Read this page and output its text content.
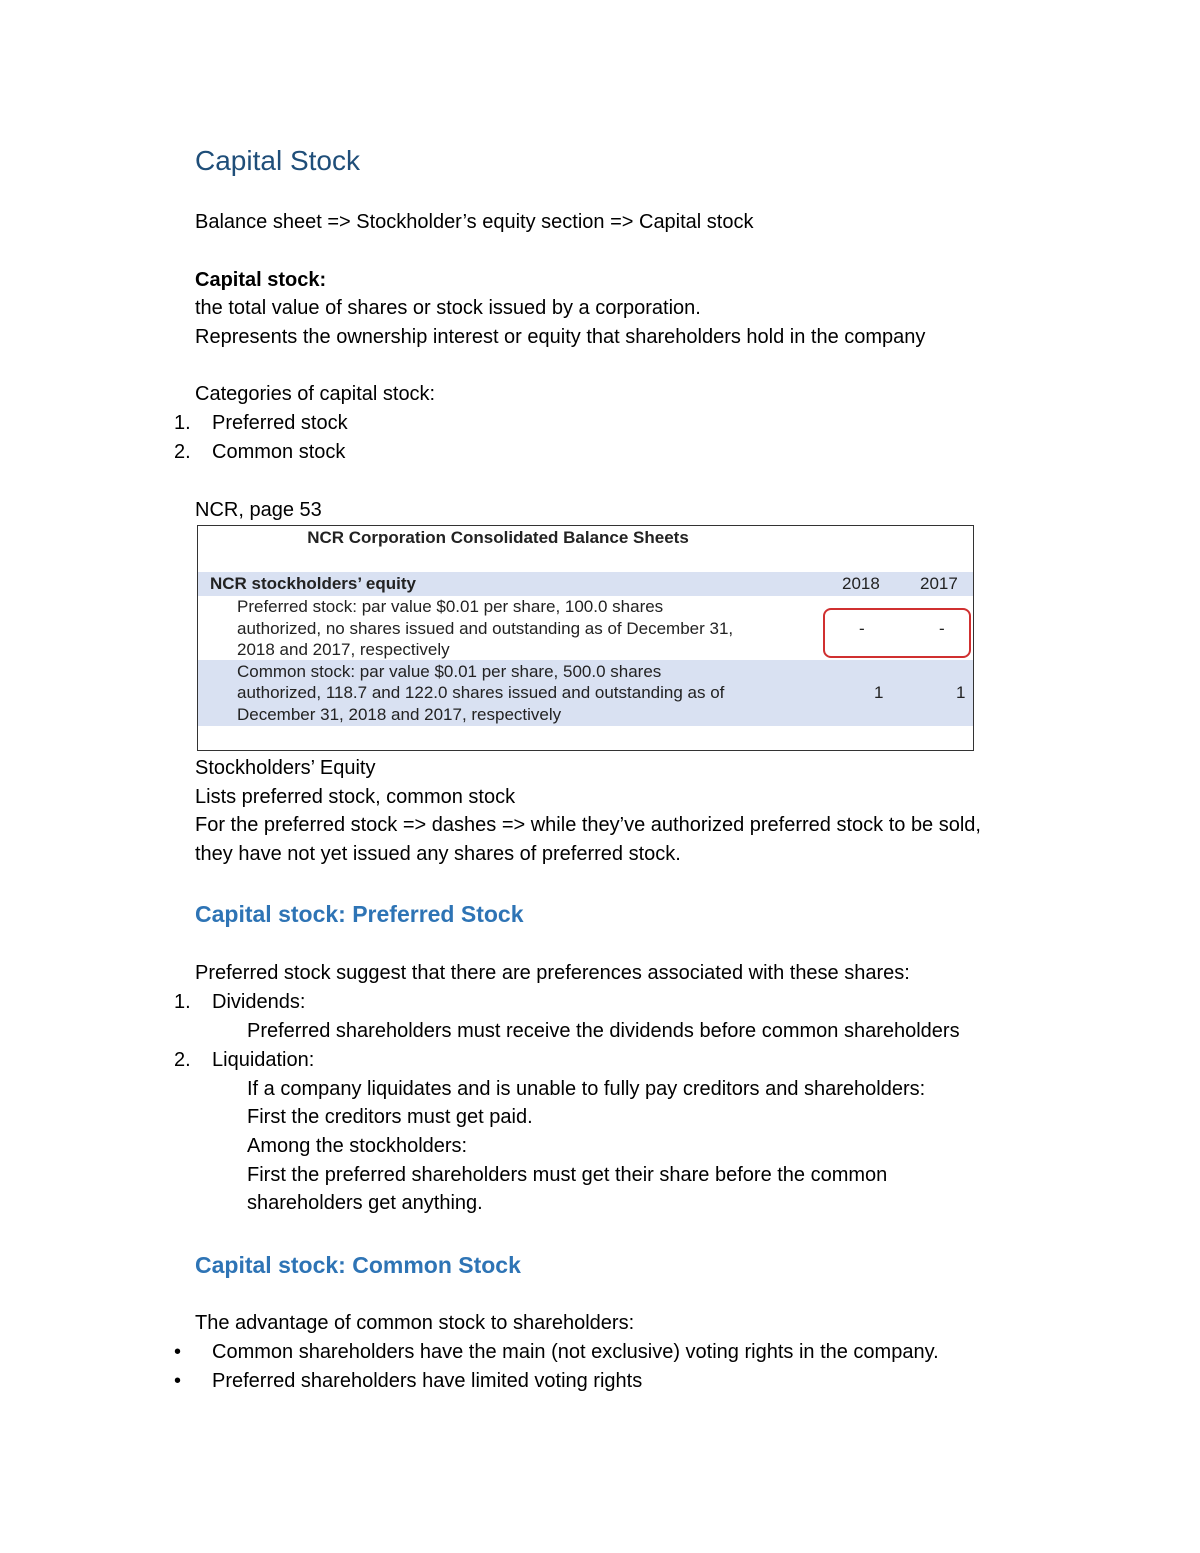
Capital Stock
Balance sheet => Stockholder’s equity section => Capital stock
Capital stock:
the total value of shares or stock issued by a corporation.
Represents the ownership interest or equity that shareholders hold in the company
Categories of capital stock:
1. Preferred stock
2. Common stock
NCR, page 53
NCR Corporation Consolidated Balance Sheets
NCR stockholders’ equity	2018 2017
Preferred stock: par value $0.01 per share, 100.0 shares
authorized, no shares issued and outstanding as of December 31,
2018 and 2017, respectively
-	-
Common stock: par value $0.01 per share, 500.0 shares
authorized, 118.7 and 122.0 shares issued and outstanding as of
December 31, 2018 and 2017, respectively
1	1
Stockholders’ Equity
Lists preferred stock, common stock
For the preferred stock => dashes => while they’ve authorized preferred stock to be sold,
they have not yet issued any shares of preferred stock.
Capital stock: Preferred Stock
Preferred stock suggest that there are preferences associated with these shares:
1. Dividends:
Preferred shareholders must receive the dividends before common shareholders
2. Liquidation:
If a company liquidates and is unable to fully pay creditors and shareholders:
First the creditors must get paid.
Among the stockholders:
First the preferred shareholders must get their share before the common
shareholders get anything.
Capital stock: Common Stock
The advantage of common stock to shareholders:
• Common shareholders have the main (not exclusive) voting rights in the company.
• Preferred shareholders have limited voting rights
